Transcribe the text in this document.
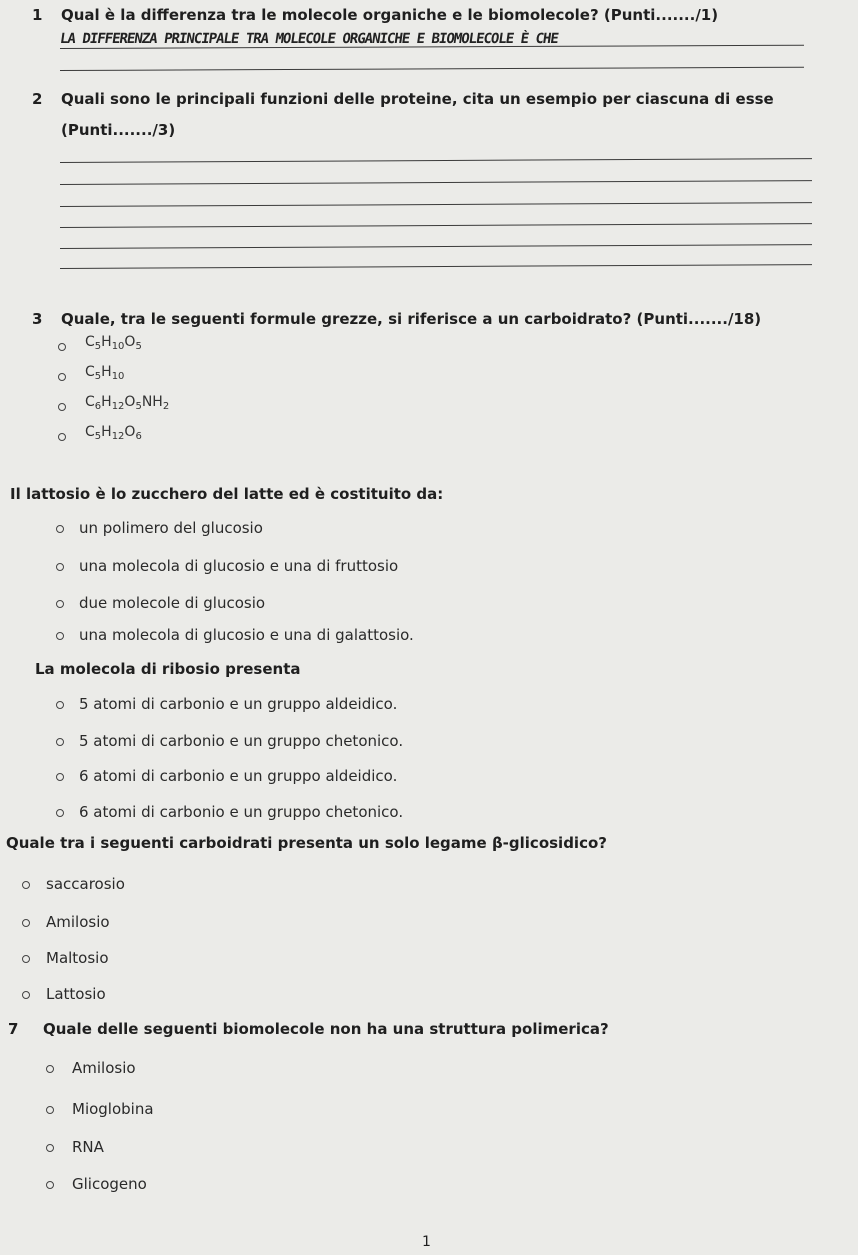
1 Qual è la differenza tra le molecole organiche e le biomolecole? (Punti......./1)
LA DIFFERENZA PRINCIPALE TRA MOLECOLE ORGANICHE E BIOMOLECOLE È CHE
2 Quali sono le principali funzioni delle proteine, cita un esempio per ciascuna di esse
(Punti......./3)
3 Quale, tra le seguenti formule grezze, si riferisce a un carboidrato? (Punti......./18)
$C_5H_{10}O_5$
$C_5H_{10}$
$C_6H_{12}O_5NH_2$
$C_5H_{12}O_6$
Il lattosio è lo zucchero del latte ed è costituito da:
un polimero del glucosio
una molecola di glucosio e una di fruttosio
due molecole di glucosio
una molecola di glucosio e una di galattosio.
La molecola di ribosio presenta
5 atomi di carbonio e un gruppo aldeidico.
5 atomi di carbonio e un gruppo chetonico.
6 atomi di carbonio e un gruppo aldeidico.
6 atomi di carbonio e un gruppo chetonico.
Quale tra i seguenti carboidrati presenta un solo legame β-glicosidico?
saccarosio
Amilosio
Maltosio
Lattosio
7 Quale delle seguenti biomolecole non ha una struttura polimerica?
Amilosio
Mioglobina
RNA
Glicogeno
1
